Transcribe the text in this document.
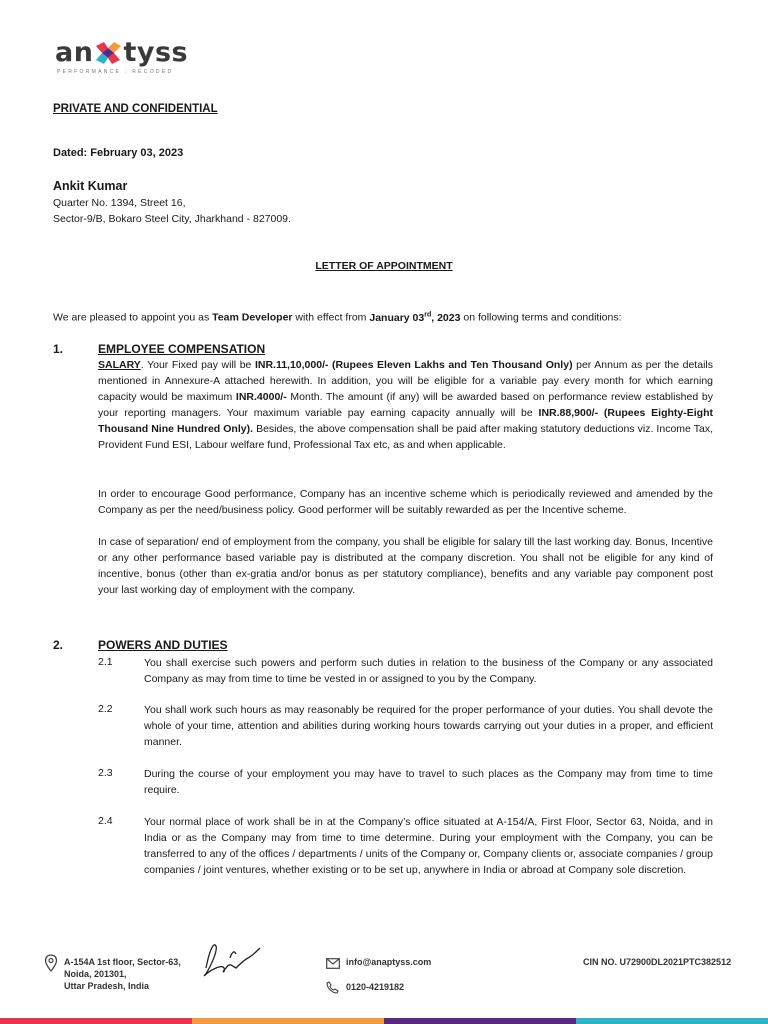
an tyss
PERFORMANCE : RECODED
PRIVATE AND CONFIDENTIAL
Dated: February 03, 2023
Ankit Kumar
Quarter No. 1394, Street 16,
Sector-9/B, Bokaro Steel City, Jharkhand - 827009.
LETTER OF APPOINTMENT
We are pleased to appoint you as Team Developer with effect from January 03rd, 2023 on following terms and conditions:
1.	EMPLOYEE COMPENSATION
SALARY. Your Fixed pay will be INR.11,10,000/- (Rupees Eleven Lakhs and Ten Thousand Only) per Annum as per the details mentioned in Annexure-A attached herewith. In addition, you will be eligible for a variable pay every month for which earning capacity would be maximum INR.4000/- Month. The amount (if any) will be awarded based on performance review established by your reporting managers. Your maximum variable pay earning capacity annually will be INR.88,900/- (Rupees Eighty-Eight Thousand Nine Hundred Only). Besides, the above compensation shall be paid after making statutory deductions viz. Income Tax, Provident Fund ESI, Labour welfare fund, Professional Tax etc, as and when applicable.
In order to encourage Good performance, Company has an incentive scheme which is periodically reviewed and amended by the Company as per the need/business policy. Good performer will be suitably rewarded as per the Incentive scheme.
In case of separation/ end of employment from the company, you shall be eligible for salary till the last working day. Bonus, Incentive or any other performance based variable pay is distributed at the company discretion. You shall not be eligible for any kind of incentive, bonus (other than ex-gratia and/or bonus as per statutory compliance), benefits and any variable pay component post your last working day of employment with the company.
2.	POWERS AND DUTIES
2.1	You shall exercise such powers and perform such duties in relation to the business of the Company or any associated Company as may from time to time be vested in or assigned to you by the Company.
2.2	You shall work such hours as may reasonably be required for the proper performance of your duties. You shall devote the whole of your time, attention and abilities during working hours towards carrying out your duties in a proper, and efficient manner.
2.3	During the course of your employment you may have to travel to such places as the Company may from time to time require.
2.4	Your normal place of work shall be in at the Company’s office situated at A-154/A, First Floor, Sector 63, Noida, and in India or as the Company may from time to time determine. During your employment with the Company, you can be transferred to any of the offices / departments / units of the Company or, Company clients or, associate companies / group companies / joint ventures, whether existing or to be set up, anywhere in India or abroad at Company sole discretion.
A-154A 1st floor, Sector-63,
Noida, 201301,
Uttar Pradesh, India
info@anaptyss.com
0120-4219182
CIN NO. U72900DL2021PTC382512
